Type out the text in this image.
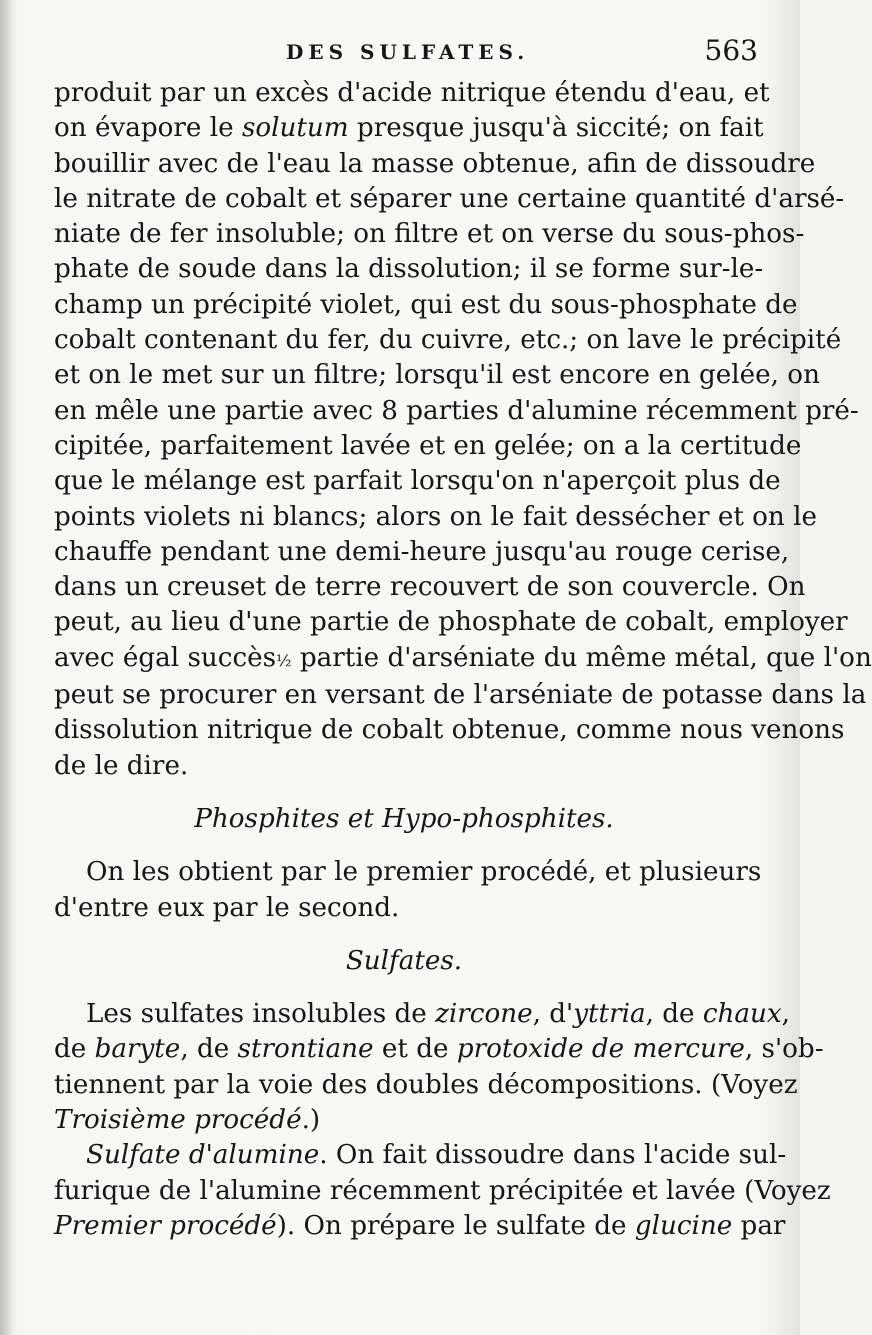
DES SULFATES.	563
produit par un excès d'acide nitrique étendu d'eau, et
on évapore le solutum presque jusqu'à siccité; on fait
bouillir avec de l'eau la masse obtenue, afin de dissoudre
le nitrate de cobalt et séparer une certaine quantité d'arsé-
niate de fer insoluble; on filtre et on verse du sous-phos-
phate de soude dans la dissolution; il se forme sur-le-
champ un précipité violet, qui est du sous-phosphate de
cobalt contenant du fer, du cuivre, etc.; on lave le précipité
et on le met sur un filtre; lorsqu'il est encore en gelée, on
en mêle une partie avec 8 parties d'alumine récemment pré-
cipitée, parfaitement lavée et en gelée; on a la certitude
que le mélange est parfait lorsqu'on n'aperçoit plus de
points violets ni blancs; alors on le fait dessécher et on le
chauffe pendant une demi-heure jusqu'au rouge cerise,
dans un creuset de terre recouvert de son couvercle. On
peut, au lieu d'une partie de phosphate de cobalt, employer
avec égal succès½ partie d'arséniate du même métal, que l'on
peut se procurer en versant de l'arséniate de potasse dans la
dissolution nitrique de cobalt obtenue, comme nous venons
de le dire.
Phosphites et Hypo-phosphites.
On les obtient par le premier procédé, et plusieurs
d'entre eux par le second.
Sulfates.
Les sulfates insolubles de zircone, d'yttria, de chaux,
de baryte, de strontiane et de protoxide de mercure, s'ob-
tiennent par la voie des doubles décompositions. (Voyez
Troisième procédé.)
Sulfate d'alumine. On fait dissoudre dans l'acide sul-
furique de l'alumine récemment précipitée et lavée (Voyez
Premier procédé). On prépare le sulfate de glucine par
